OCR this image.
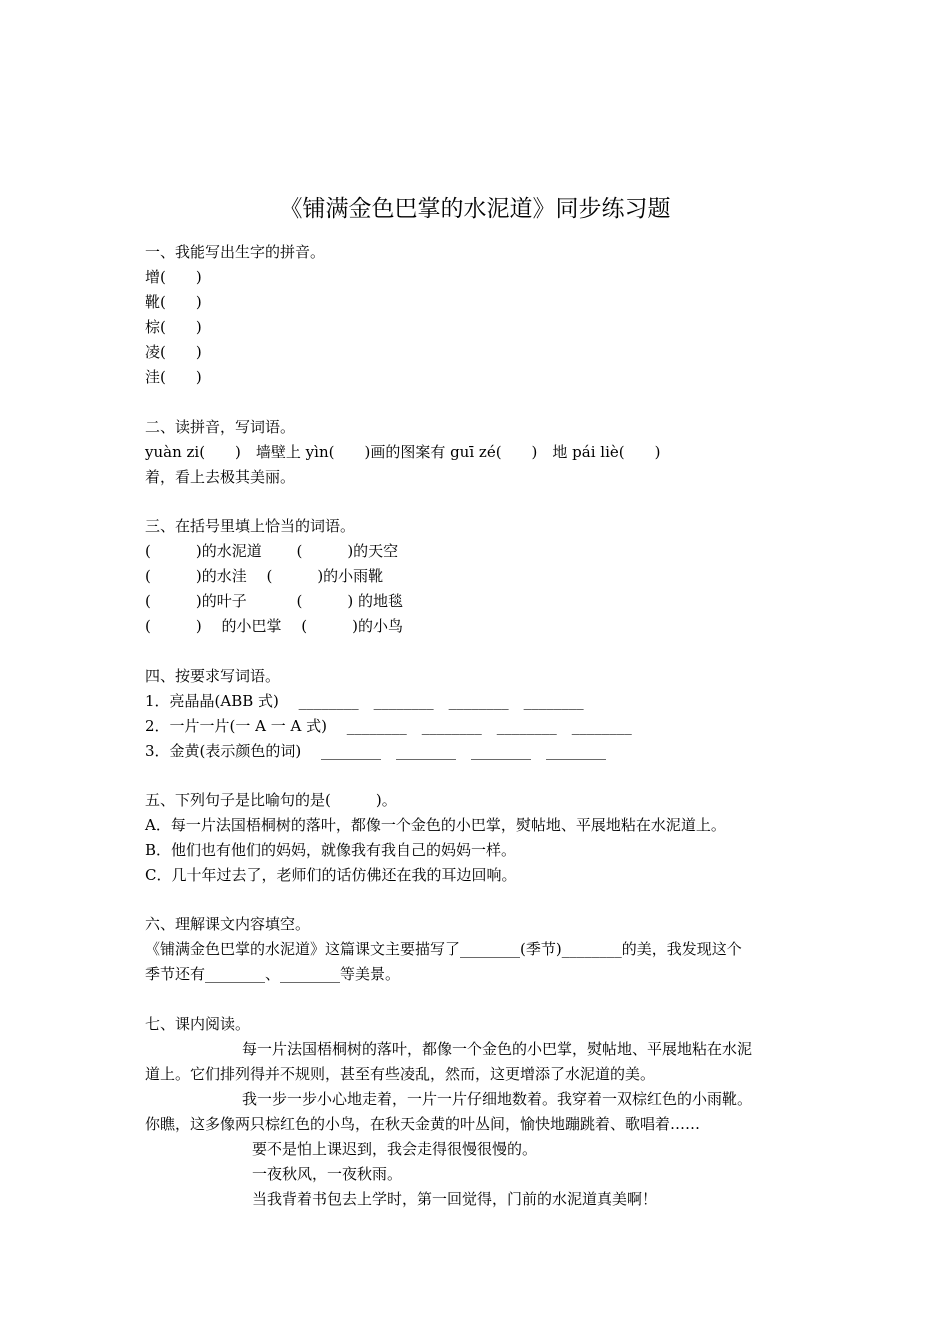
《铺满金色巴掌的水泥道》同步练习题
一、我能写出生字的拼音。
增(　　)
靴(　　)
棕(　　)
凌(　　)
洼(　　)
二、读拼音，写词语。
yuàn zi(　　)　墙壁上 yìn(　　)画的图案有 guī zé(　　)　地 pái liè(　　)
着，看上去极其美丽。
三、在括号里填上恰当的词语。
(　　　)的水泥道　　 (　　　)的天空
(　　　)的水洼　 (　　　)的小雨靴
(　　　)的叶子　　　 (　　　) 的地毯
(　　　)　 的小巴掌　 (　　　)的小鸟
四、按要求写词语。
1．亮晶晶(ABB 式)　 ________　________　________　________
2．一片一片(一 A 一 A 式)　 ________　________　________　________
3．金黄(表示颜色的词)　 ________　________　________　________
五、下列句子是比喻句的是(　　　)。
A．每一片法国梧桐树的落叶，都像一个金色的小巴掌，熨帖地、平展地粘在水泥道上。
B．他们也有他们的妈妈，就像我有我自己的妈妈一样。
C．几十年过去了，老师们的话仿佛还在我的耳边回响。
六、理解课文内容填空。
《铺满金色巴掌的水泥道》这篇课文主要描写了________(季节)________的美，我发现这个
季节还有________、________等美景。
七、课内阅读。
每一片法国梧桐树的落叶，都像一个金色的小巴掌，熨帖地、平展地粘在水泥
道上。它们排列得并不规则，甚至有些凌乱，然而，这更增添了水泥道的美。
我一步一步小心地走着，一片一片仔细地数着。我穿着一双棕红色的小雨靴。
你瞧，这多像两只棕红色的小鸟，在秋天金黄的叶丛间，愉快地蹦跳着、歌唱着……
要不是怕上课迟到，我会走得很慢很慢的。
一夜秋风，一夜秋雨。
当我背着书包去上学时，第一回觉得，门前的水泥道真美啊！
